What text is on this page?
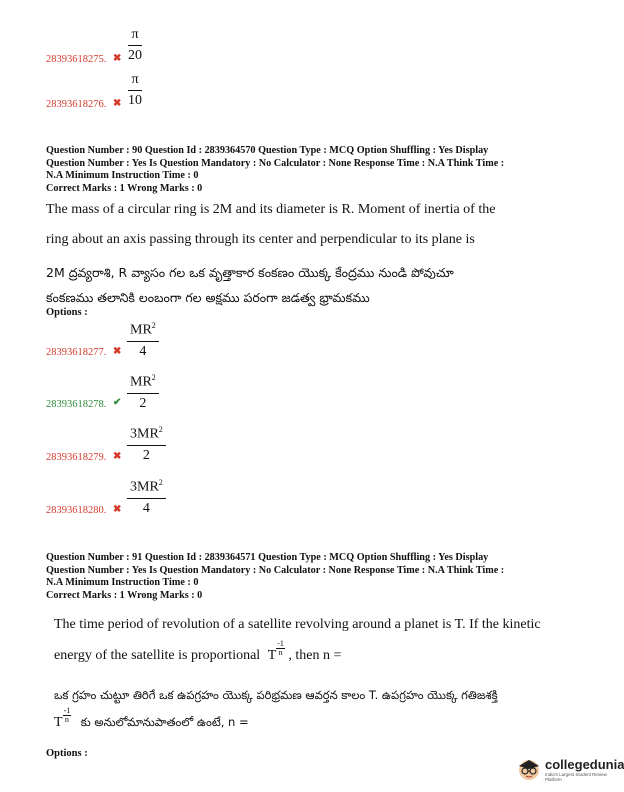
28393618275. ✖
π
20
28393618276. ✖
π
10
Question Number : 90 Question Id : 2839364570 Question Type : MCQ Option Shuffling : Yes Display
Question Number : Yes Is Question Mandatory : No Calculator : None Response Time : N.A Think Time :
N.A Minimum Instruction Time : 0
Correct Marks : 1 Wrong Marks : 0
The mass of a circular ring is 2M and its diameter is R. Moment of inertia of the
ring about an axis passing through its center and perpendicular to its plane is
2M ద్రవ్యరాశి, R వ్యాసం గల ఒక వృత్తాకార కంకణం యొక్క కేంద్రము నుండి పోవుచూ
కంకణము తలానికి లంబంగా గల అక్షము పరంగా జడత్వ భ్రామకము
Options :
28393618277. ✖
$MR^2$
4
28393618278. ✔
$MR^2$
2
28393618279. ✖
$3MR^2$
2
28393618280. ✖
$3MR^2$
4
Question Number : 91 Question Id : 2839364571 Question Type : MCQ Option Shuffling : Yes Display
Question Number : Yes Is Question Mandatory : No Calculator : None Response Time : N.A Think Time :
N.A Minimum Instruction Time : 0
Correct Marks : 1 Wrong Marks : 0
The time period of revolution of a satellite revolving around a planet is T. If the kinetic
energy of the satellite is proportional T $\frac{-1}{n}$ , then n =
ఒక గ్రహం చుట్టూ తిరిగే ఒక ఉపగ్రహం యొక్క పరిభ్రమణ ఆవర్తన కాలం T. ఉపగ్రహం యొక్క గతిజశక్తి
T $\frac{-1}{n}$ కు అనులోమానుపాతంలో ఉంటే, n =
Options :
collegedunia
India's Largest Student Review Platform
